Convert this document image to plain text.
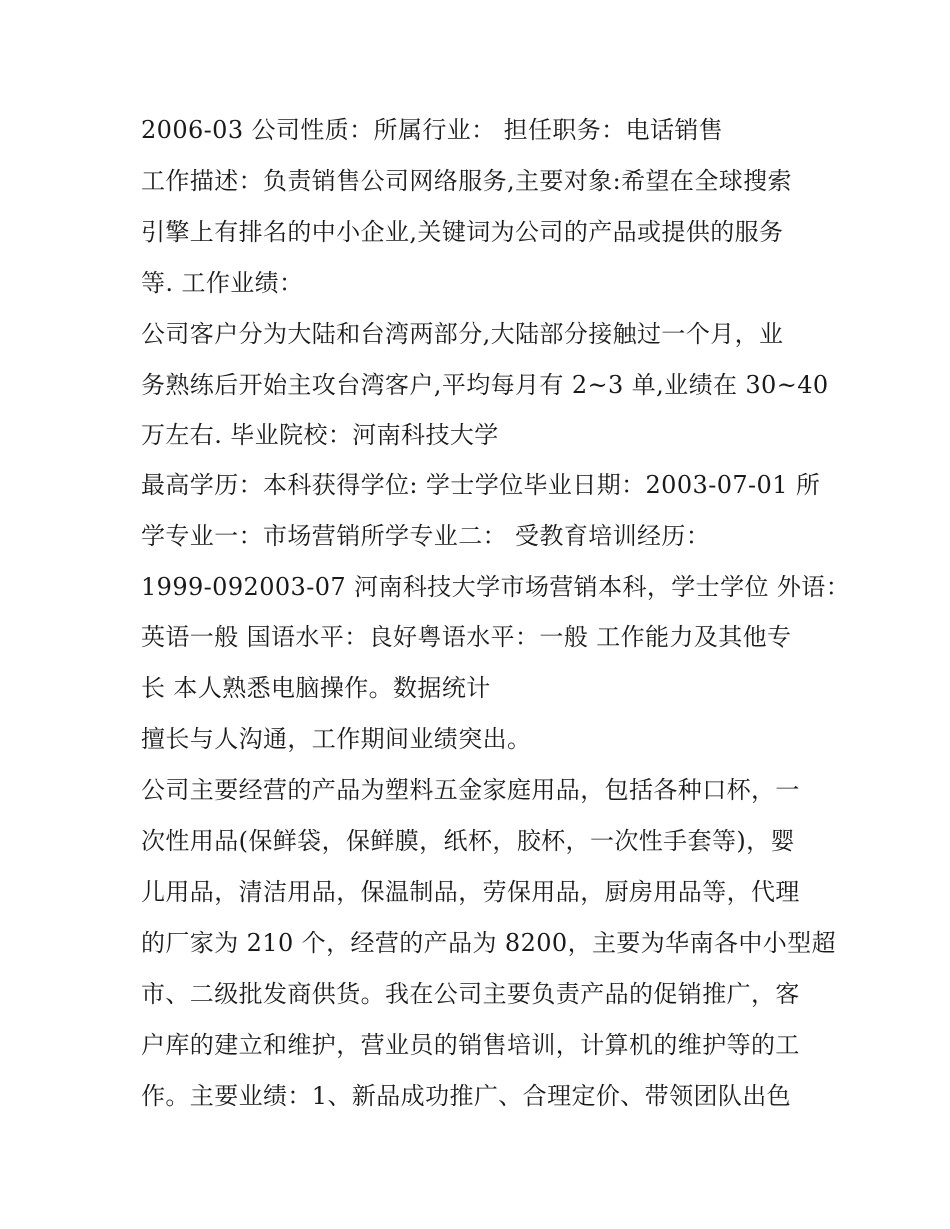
2006-03 公司性质：所属行业： 担任职务：电话销售
工作描述：负责销售公司网络服务,主要对象:希望在全球搜索
引擎上有排名的中小企业,关键词为公司的产品或提供的服务
等. 工作业绩：
公司客户分为大陆和台湾两部分,大陆部分接触过一个月，业
务熟练后开始主攻台湾客户,平均每月有 2~3 单,业绩在 30~40
万左右. 毕业院校：河南科技大学
最高学历：本科获得学位: 学士学位毕业日期：2003-07-01 所
学专业一：市场营销所学专业二： 受教育培训经历：
1999-092003-07 河南科技大学市场营销本科，学士学位 外语：
英语一般 国语水平：良好粤语水平：一般 工作能力及其他专
长 本人熟悉电脑操作。数据统计
擅长与人沟通，工作期间业绩突出。
公司主要经营的产品为塑料五金家庭用品，包括各种口杯，一
次性用品(保鲜袋，保鲜膜，纸杯，胶杯，一次性手套等)，婴
儿用品，清洁用品，保温制品，劳保用品，厨房用品等，代理
的厂家为 210 个，经营的产品为 8200，主要为华南各中小型超
市、二级批发商供货。我在公司主要负责产品的促销推广，客
户库的建立和维护，营业员的销售培训，计算机的维护等的工
作。主要业绩：1、新品成功推广、合理定价、带领团队出色
